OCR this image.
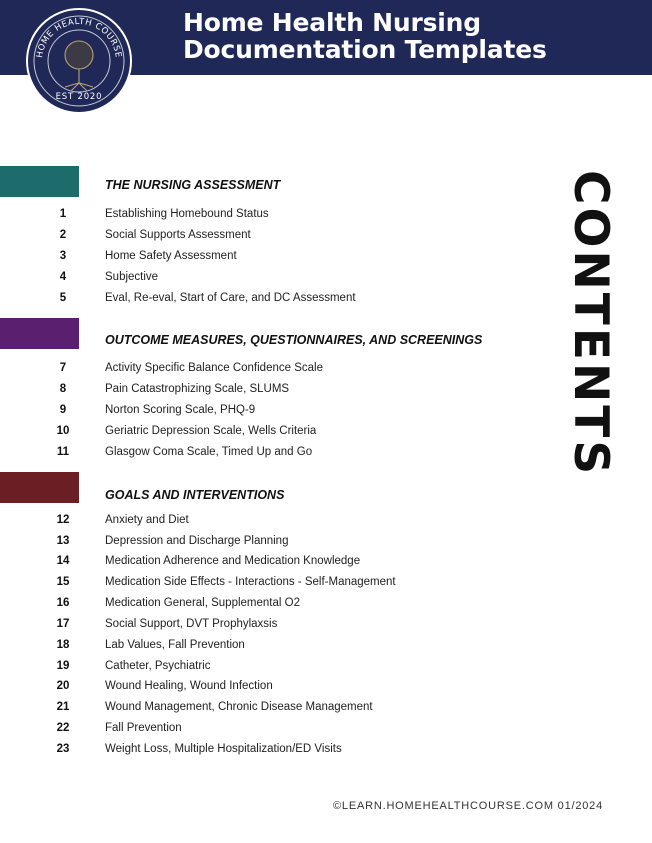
HOME HEALTH COURSE
EST 2020
Home Health Nursing
Documentation Templates
CONTENTS
THE NURSING ASSESSMENT
1	Establishing Homebound Status
2	Social Supports Assessment
3	Home Safety Assessment
4	Subjective
5	Eval, Re-eval, Start of Care, and DC Assessment
OUTCOME MEASURES, QUESTIONNAIRES, AND SCREENINGS
7	Activity Specific Balance Confidence Scale
8	Pain Catastrophizing Scale, SLUMS
9	Norton Scoring Scale, PHQ-9
10	Geriatric Depression Scale, Wells Criteria
11	Glasgow Coma Scale, Timed Up and Go
GOALS AND INTERVENTIONS
12	Anxiety and Diet
13	Depression and Discharge Planning
14	Medication Adherence and Medication Knowledge
15	Medication Side Effects - Interactions - Self-Management
16	Medication General, Supplemental O2
17	Social Support, DVT Prophylaxsis
18	Lab Values, Fall Prevention
19	Catheter, Psychiatric
20	Wound Healing, Wound Infection
21	Wound Management, Chronic Disease Management
22	Fall Prevention
23	Weight Loss, Multiple Hospitalization/ED Visits
©LEARN.HOMEHEALTHCOURSE.COM 01/2024
